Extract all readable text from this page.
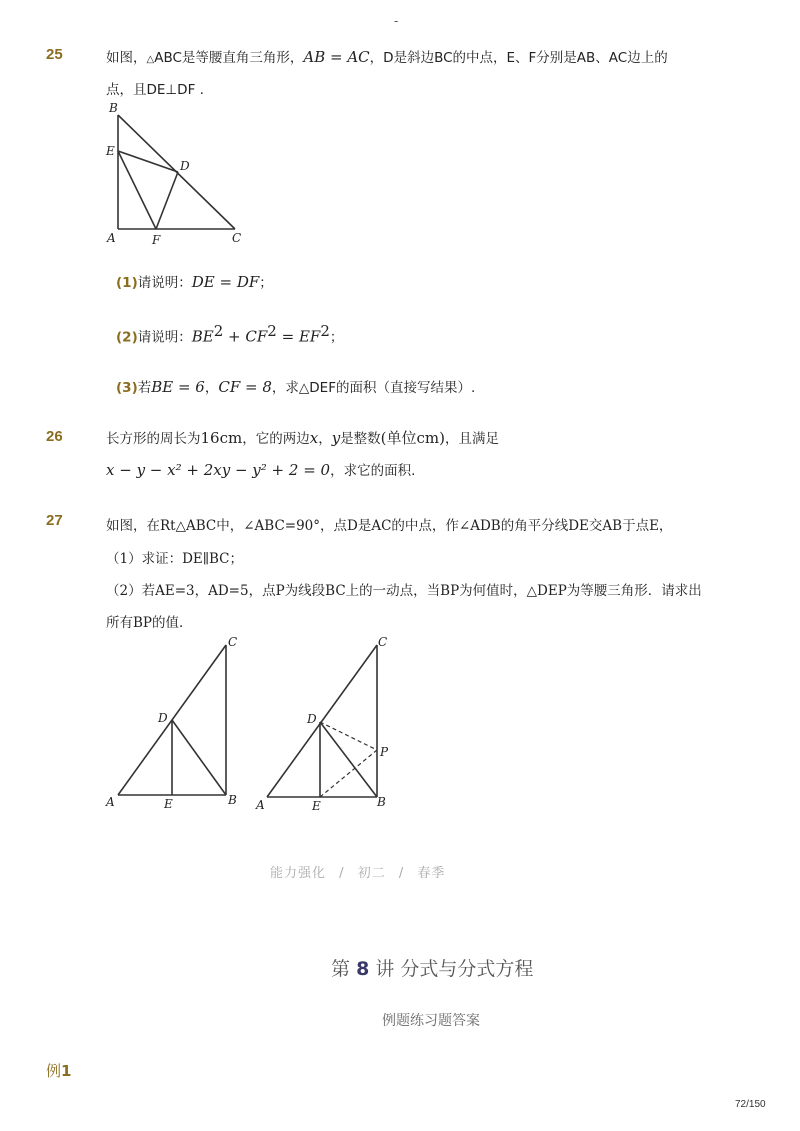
-
25	如图，△ABC是等腰直角三角形，AB = AC，D是斜边BC的中点，E、F分别是AB、AC边上的
点，且DE⊥DF .
B
E
D
A	F	C
(1)请说明：DE = DF；
(2)请说明：$BE^2 + CF^2 = EF^2$；
(3)若BE = 6，CF = 8，求△DEF的面积（直接写结果）.
26	长方形的周长为16cm，它的两边x，y是整数(单位cm)，且满足
x − y − x² + 2xy − y² + 2 = 0，求它的面积.
27	如图，在Rt△ABC中，∠ABC=90°，点D是AC的中点，作∠ADB的角平分线DE交AB于点E，
（1）求证：DE∥BC；
（2）若AE=3，AD=5，点P为线段BC上的一动点，当BP为何值时，△DEP为等腰三角形．请求出
所有BP的值．
C
D
A	E	B
C
D
P
A	E	B
能力强化 / 初二 / 春季
第 8 讲 分式与分式方程
例题练习题答案
例1
72/150
